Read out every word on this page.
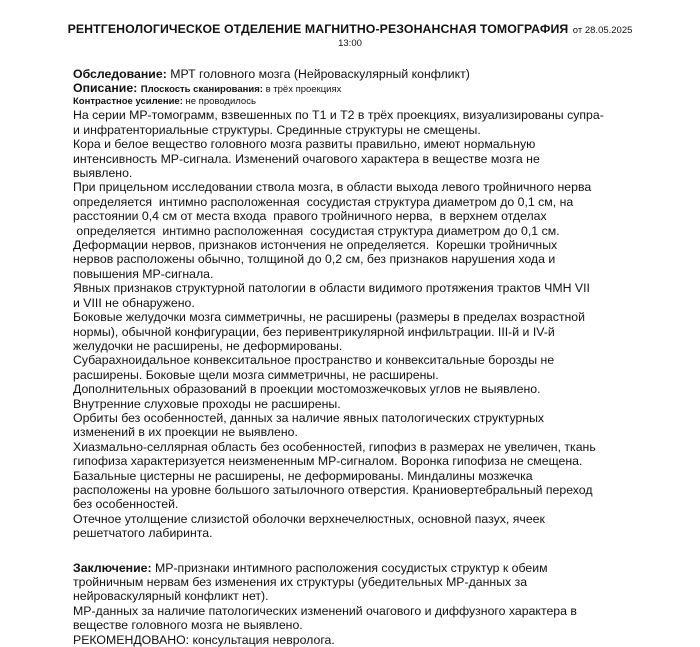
РЕНТГЕНОЛОГИЧЕСКОЕ ОТДЕЛЕНИЕ МАГНИТНО-РЕЗОНАНСНАЯ ТОМОГРАФИЯ от 28.05.2025
13:00
Обследование: МРТ головного мозга (Нейроваскулярный конфликт)
Описание: Плоскость сканирования: в трёх проекциях
Контрастное усиление: не проводилось
На серии МР-томограмм, взвешенных по T1 и T2 в трёх проекциях, визуализированы супра-
и инфратенториальные структуры. Срединные структуры не смещены.
Кора и белое вещество головного мозга развиты правильно, имеют нормальную
интенсивность МР-сигнала. Изменений очагового характера в веществе мозга не
выявлено.
При прицельном исследовании ствола мозга, в области выхода левого тройничного нерва
определяется  интимно расположенная  сосудистая структура диаметром до 0,1 см, на
расстоянии 0,4 см от места входа  правого тройничного нерва,  в верхнем отделах
определяется  интимно расположенная  сосудистая структура диаметром до 0,1 см.
Деформации нервов, признаков истончения не определяется.  Корешки тройничных
нервов расположены обычно, толщиной до 0,2 см, без признаков нарушения хода и
повышения МР-сигнала.
Явных признаков структурной патологии в области видимого протяжения трактов ЧМН VII
и VIII не обнаружено.
Боковые желудочки мозга симметричны, не расширены (размеры в пределах возрастной
нормы), обычной конфигурации, без перивентрикулярной инфильтрации. III-й и IV-й
желудочки не расширены, не деформированы.
Субарахноидальное конвекситальное пространство и конвекситальные борозды не
расширены. Боковые щели мозга симметричны, не расширены.
Дополнительных образований в проекции мостомозжечковых углов не выявлено.
Внутренние слуховые проходы не расширены.
Орбиты без особенностей, данных за наличие явных патологических структурных
изменений в их проекции не выявлено.
Хиазмально-селлярная область без особенностей, гипофиз в размерах не увеличен, ткань
гипофиза характеризуется неизмененным МР-сигналом. Воронка гипофиза не смещена.
Базальные цистерны не расширены, не деформированы. Миндалины мозжечка
расположены на уровне большого затылочного отверстия. Краниовертебральный переход
без особенностей.
Отечное утолщение слизистой оболочки верхнечелюстных, основной пазух, ячеек
решетчатого лабиринта.
Заключение: МР-признаки интимного расположения сосудистых структур к обеим
тройничным нервам без изменения их структуры (убедительных МР-данных за
нейроваскулярный конфликт нет).
МР-данных за наличие патологических изменений очагового и диффузного характера в
веществе головного мозга не выявлено.
РЕКОМЕНДОВАНО: консультация невролога.
